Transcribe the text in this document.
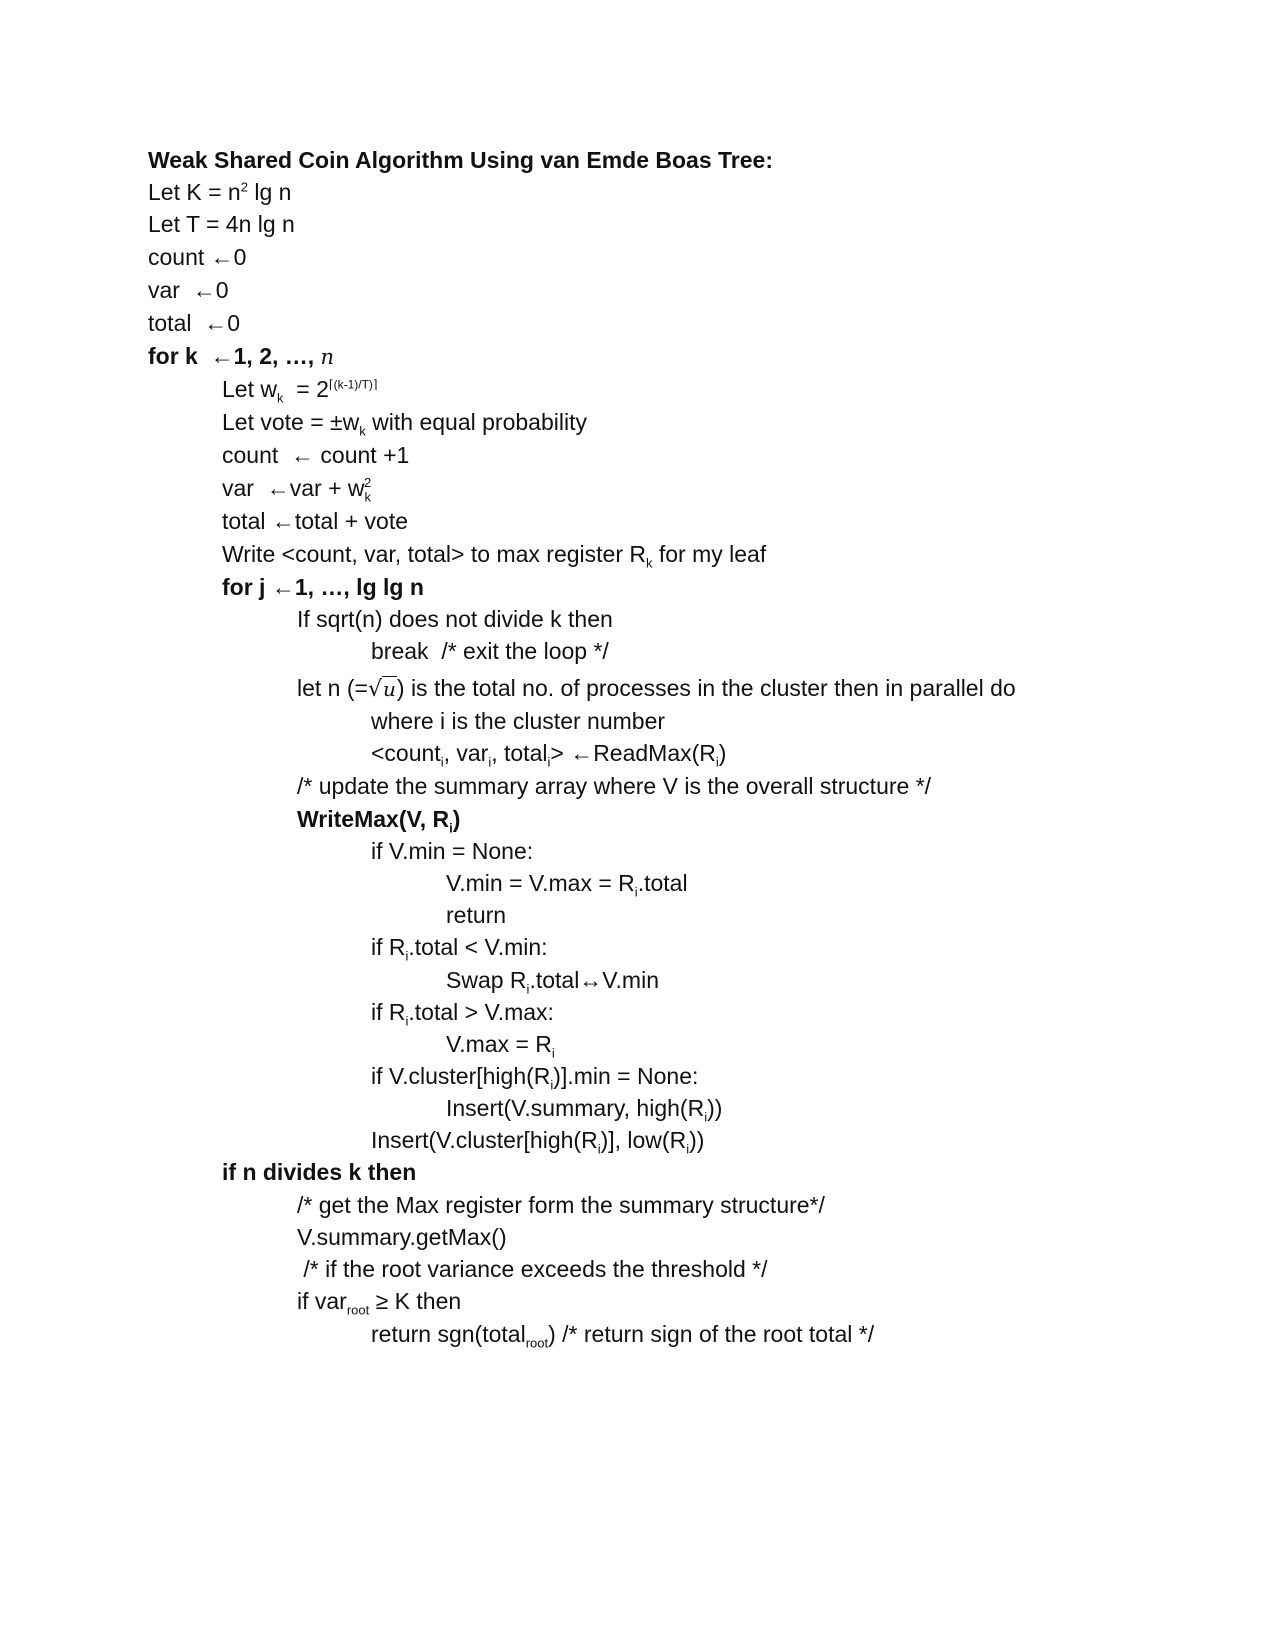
Weak Shared Coin Algorithm Using van Emde Boas Tree:
Let $K = n^2$ lg n
Let T = 4n lg n
count ←0
var  ←0
total  ←0
for k  ←1, 2, …, n
Let $w_k = 2^{⌈(k-1)/T)⌉}$
Let vote = $\pm w_k$ with equal probability
count  ← count +1
var  ←var + $w_k^2$
total ←total + vote
Write <count, var, total> to max register $R_k$ for my leaf
for j ←1, …, lg lg n
If sqrt(n) does not divide k then
break  /* exit the loop */
let n (=√u) is the total no. of processes in the cluster then in parallel do
where i is the cluster number
<count$_i$, var$_i$, total$_i$> $\leftarrow ReadMax(R_i)$
/* update the summary array where V is the overall structure */
WriteMax(V, $R_i$)
if V.min = None:
$V.\min = V.\max = R_i.total$
return
if $R_i.total < V.\min$:
Swap $R_i.total\leftrightarrow V.\min$
if $R_i.total > V.\max$:
$V.\max = R_i$
if $V.cluster[high(R_i)].\min$ = None:
Insert(V.summary, $high(R_i)$)
$Insert(V.cluster[high(R_i)]$, $low(R_i)$)
if n divides k then
/* get the Max register form the summary structure*/
V.summary.getMax()
/* if the root variance exceeds the threshold */
if var$_{root}$ ≥ K then
return sgn(total$_{root}$) /* return sign of the root total */
